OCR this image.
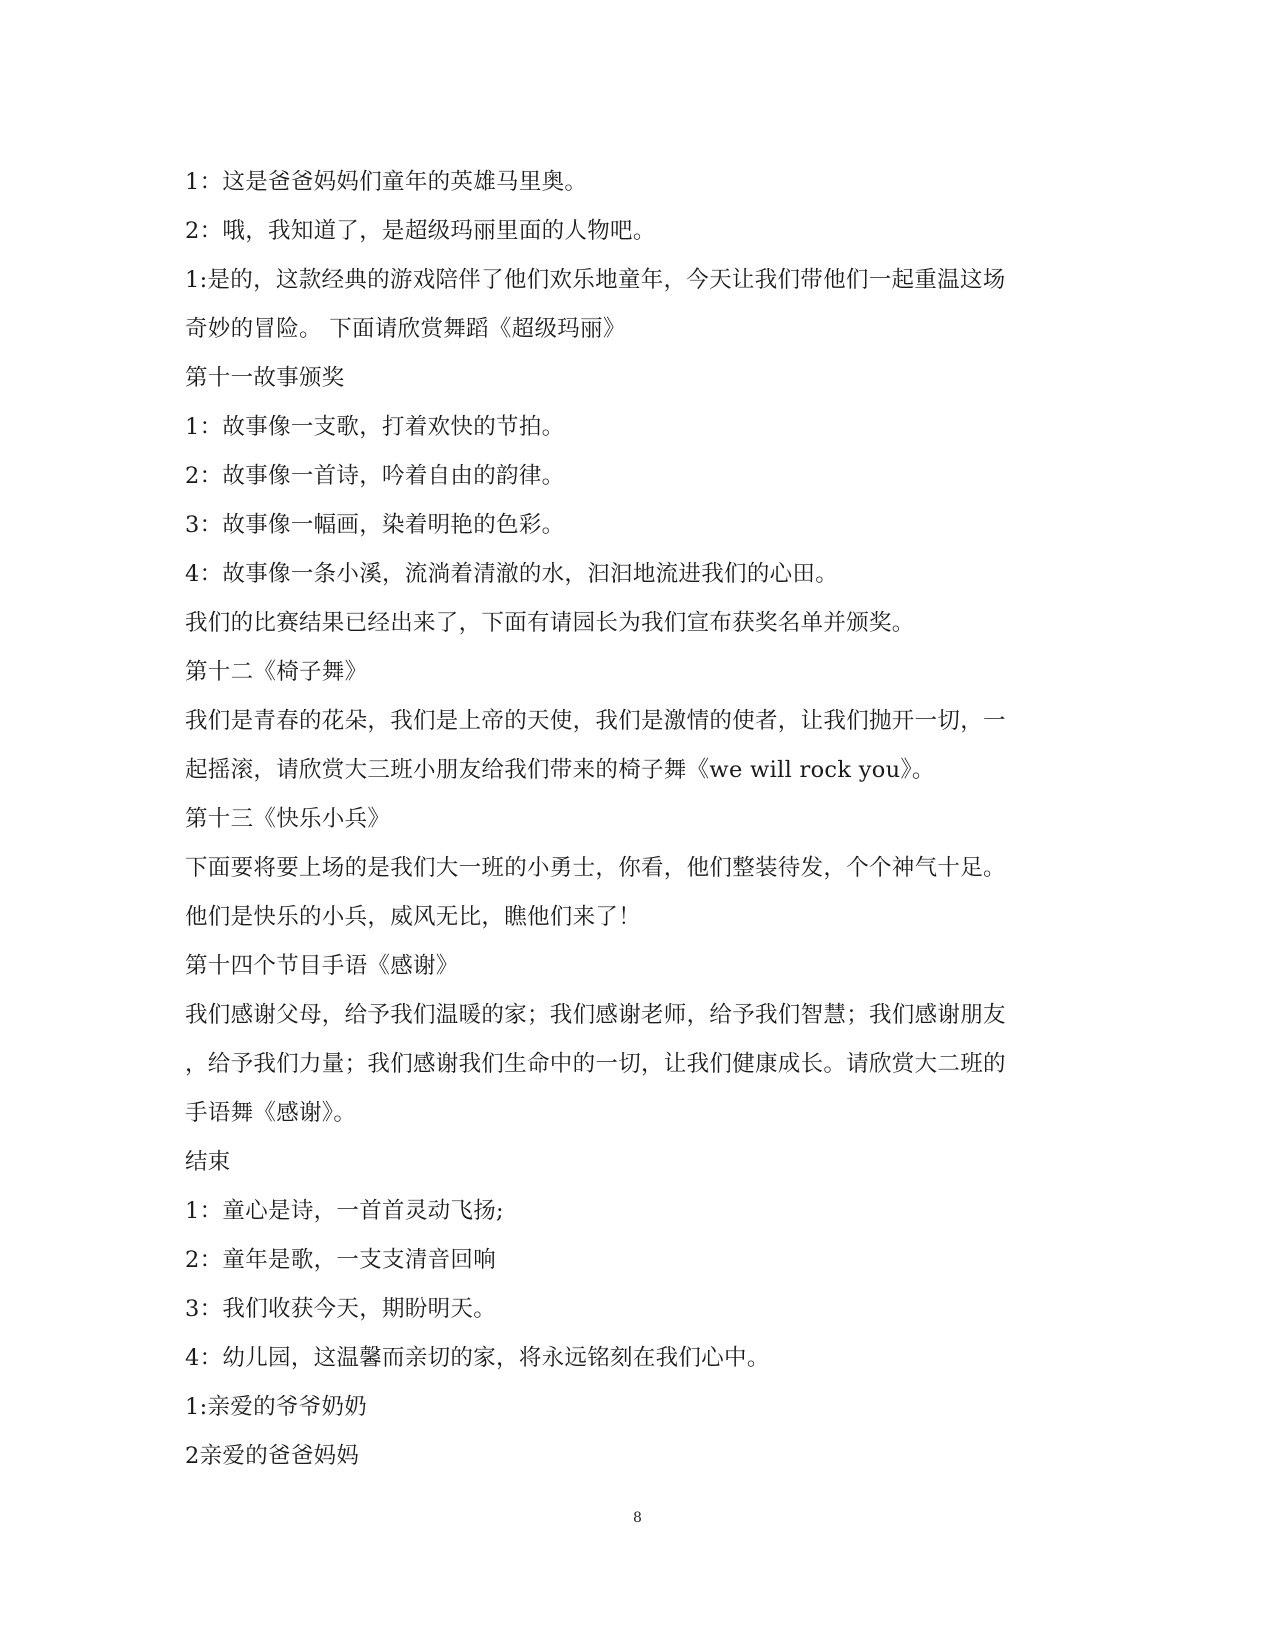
1：这是爸爸妈妈们童年的英雄马里奥。
2：哦，我知道了，是超级玛丽里面的人物吧。
1:是的，这款经典的游戏陪伴了他们欢乐地童年，今天让我们带他们一起重温这场
奇妙的冒险。 下面请欣赏舞蹈《超级玛丽》
第十一故事颁奖
1：故事像一支歌，打着欢快的节拍。
2：故事像一首诗，吟着自由的韵律。
3：故事像一幅画，染着明艳的色彩。
4：故事像一条小溪，流淌着清澈的水，汩汩地流进我们的心田。
我们的比赛结果已经出来了，下面有请园长为我们宣布获奖名单并颁奖。
第十二《椅子舞》
我们是青春的花朵，我们是上帝的天使，我们是激情的使者，让我们抛开一切，一
起摇滚，请欣赏大三班小朋友给我们带来的椅子舞《we will rock you》。
第十三《快乐小兵》
下面要将要上场的是我们大一班的小勇士，你看，他们整装待发，个个神气十足。
他们是快乐的小兵，威风无比，瞧他们来了！
第十四个节目手语《感谢》
我们感谢父母，给予我们温暖的家；我们感谢老师，给予我们智慧；我们感谢朋友
，给予我们力量；我们感谢我们生命中的一切，让我们健康成长。请欣赏大二班的
手语舞《感谢》。
结束
1：童心是诗，一首首灵动飞扬;
2：童年是歌，一支支清音回响
3：我们收获今天，期盼明天。
4：幼儿园，这温馨而亲切的家，将永远铭刻在我们心中。
1:亲爱的爷爷奶奶
2亲爱的爸爸妈妈
8
